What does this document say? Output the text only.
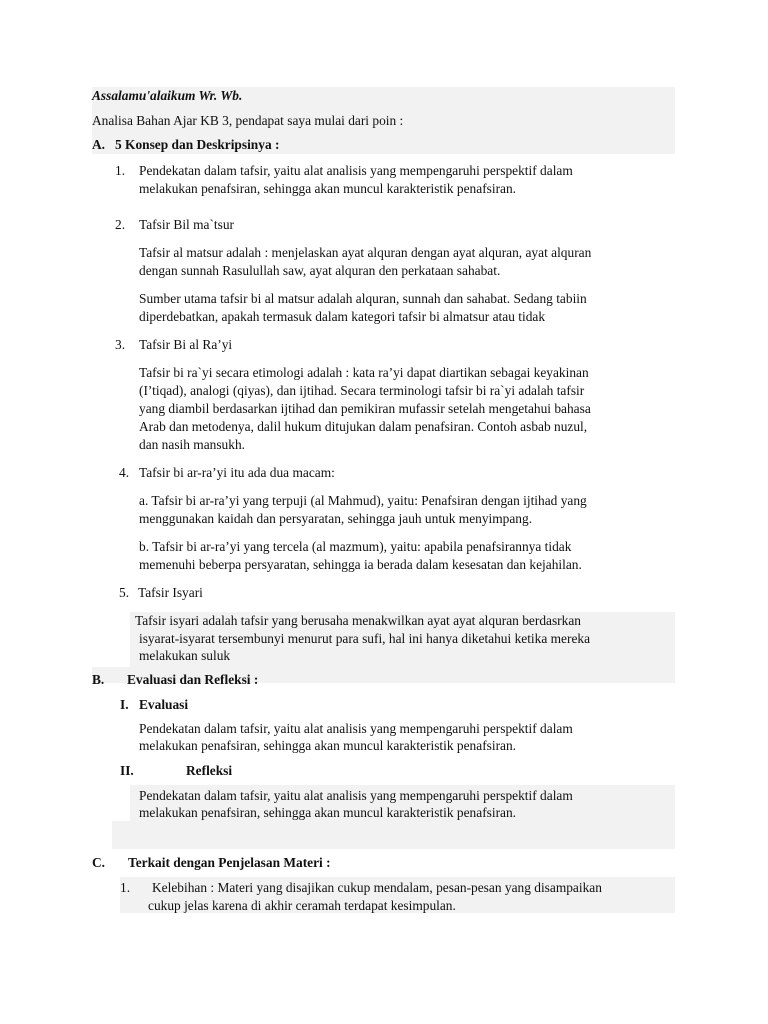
Assalamu'alaikum Wr. Wb.

Analisa Bahan Ajar KB 3, pendapat saya mulai dari poin :

A. 5 Konsep dan Deskripsinya :

1. Pendekatan dalam tafsir, yaitu alat analisis yang mempengaruhi perspektif dalam

melakukan penafsiran, sehingga akan muncul karakteristik penafsiran.

2. Tafsir Bil ma`tsur

Tafsir al matsur adalah : menjelaskan ayat alquran dengan ayat alquran, ayat alquran

dengan sunnah Rasulullah saw, ayat alquran den perkataan sahabat.

Sumber utama tafsir bi al matsur adalah alquran, sunnah dan sahabat. Sedang tabiin

diperdebatkan, apakah termasuk dalam kategori tafsir bi almatsur atau tidak

3. Tafsir Bi al Ra’yi

Tafsir bi ra`yi secara etimologi adalah : kata ra’yi dapat diartikan sebagai keyakinan

(I’tiqad), analogi (qiyas), dan ijtihad. Secara terminologi tafsir bi ra`yi adalah tafsir

yang diambil berdasarkan ijtihad dan pemikiran mufassir setelah mengetahui bahasa

Arab dan metodenya, dalil hukum ditujukan dalam penafsiran. Contoh asbab nuzul,

dan nasih mansukh.

4. Tafsir bi ar-ra’yi itu ada dua macam:

a. Tafsir bi ar-ra’yi yang terpuji (al Mahmud), yaitu: Penafsiran dengan ijtihad yang

menggunakan kaidah dan persyaratan, sehingga jauh untuk menyimpang.

b. Tafsir bi ar-ra’yi yang tercela (al mazmum), yaitu: apabila penafsirannya tidak

memenuhi beberpa persyaratan, sehingga ia berada dalam kesesatan dan kejahilan.

5. Tafsir Isyari

Tafsir isyari adalah tafsir yang berusaha menakwilkan ayat ayat alquran berdasrkan

isyarat-isyarat tersembunyi menurut para sufi, hal ini hanya diketahui ketika mereka

melakukan suluk

B. Evaluasi dan Refleksi :

I. Evaluasi

Pendekatan dalam tafsir, yaitu alat analisis yang mempengaruhi perspektif dalam

melakukan penafsiran, sehingga akan muncul karakteristik penafsiran.

II.	Refleksi

Pendekatan dalam tafsir, yaitu alat analisis yang mempengaruhi perspektif dalam

melakukan penafsiran, sehingga akan muncul karakteristik penafsiran.

C. Terkait dengan Penjelasan Materi :

1. Kelebihan : Materi yang disajikan cukup mendalam, pesan-pesan yang disampaikan

cukup jelas karena di akhir ceramah terdapat kesimpulan.
